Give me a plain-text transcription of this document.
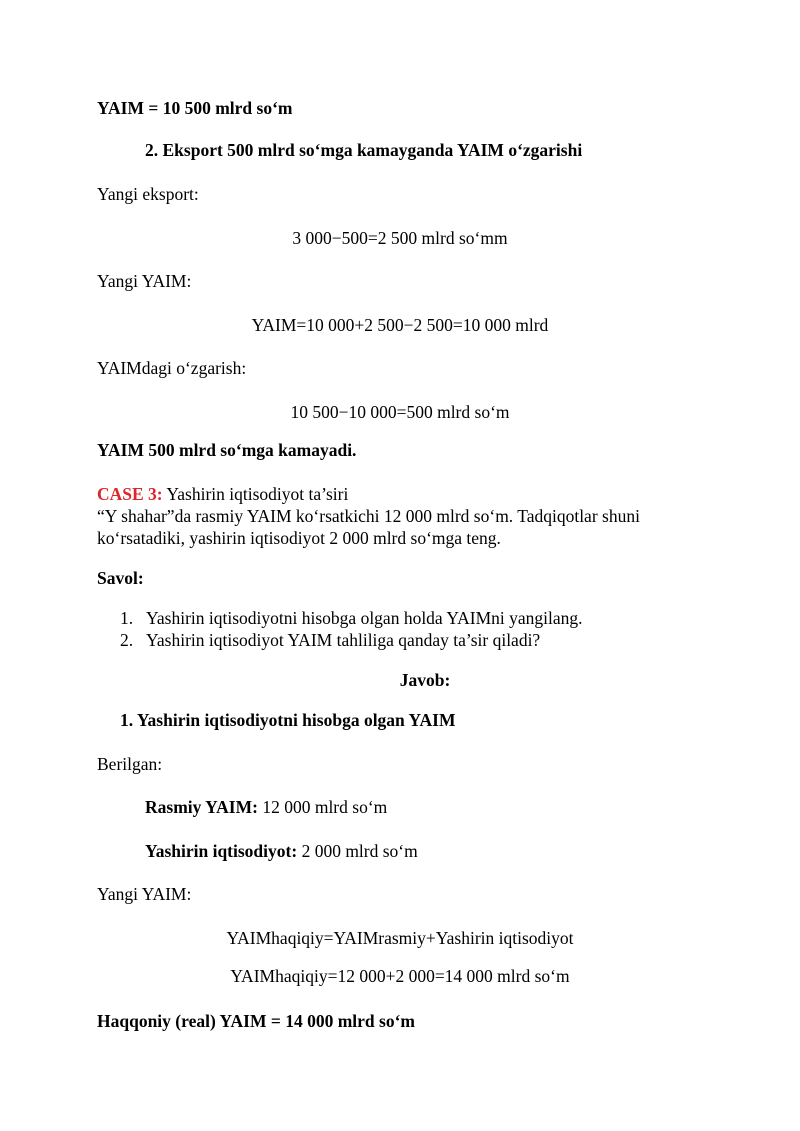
YAIM = 10 500 mlrd so‘m
2. Eksport 500 mlrd so‘mga kamayganda YAIM o‘zgarishi
Yangi eksport:
3 000−500=2 500 mlrd so‘mm
Yangi YAIM:
YAIM=10 000+2 500−2 500=10 000 mlrd
YAIMdagi o‘zgarish:
10 500−10 000=500 mlrd so‘m
YAIM 500 mlrd so‘mga kamayadi.
CASE 3: Yashirin iqtisodiyot ta’siri
“Y shahar”da rasmiy YAIM ko‘rsatkichi 12 000 mlrd so‘m. Tadqiqotlar shuni
ko‘rsatadiki, yashirin iqtisodiyot 2 000 mlrd so‘mga teng.
Savol:
1. Yashirin iqtisodiyotni hisobga olgan holda YAIMni yangilang.
2. Yashirin iqtisodiyot YAIM tahliliga qanday ta’sir qiladi?
Javob:
1. Yashirin iqtisodiyotni hisobga olgan YAIM
Berilgan:
Rasmiy YAIM: 12 000 mlrd so‘m
Yashirin iqtisodiyot: 2 000 mlrd so‘m
Yangi YAIM:
YAIMhaqiqiy=YAIMrasmiy+Yashirin iqtisodiyot
YAIMhaqiqiy=12 000+2 000=14 000 mlrd so‘m
Haqqoniy (real) YAIM = 14 000 mlrd so‘m
